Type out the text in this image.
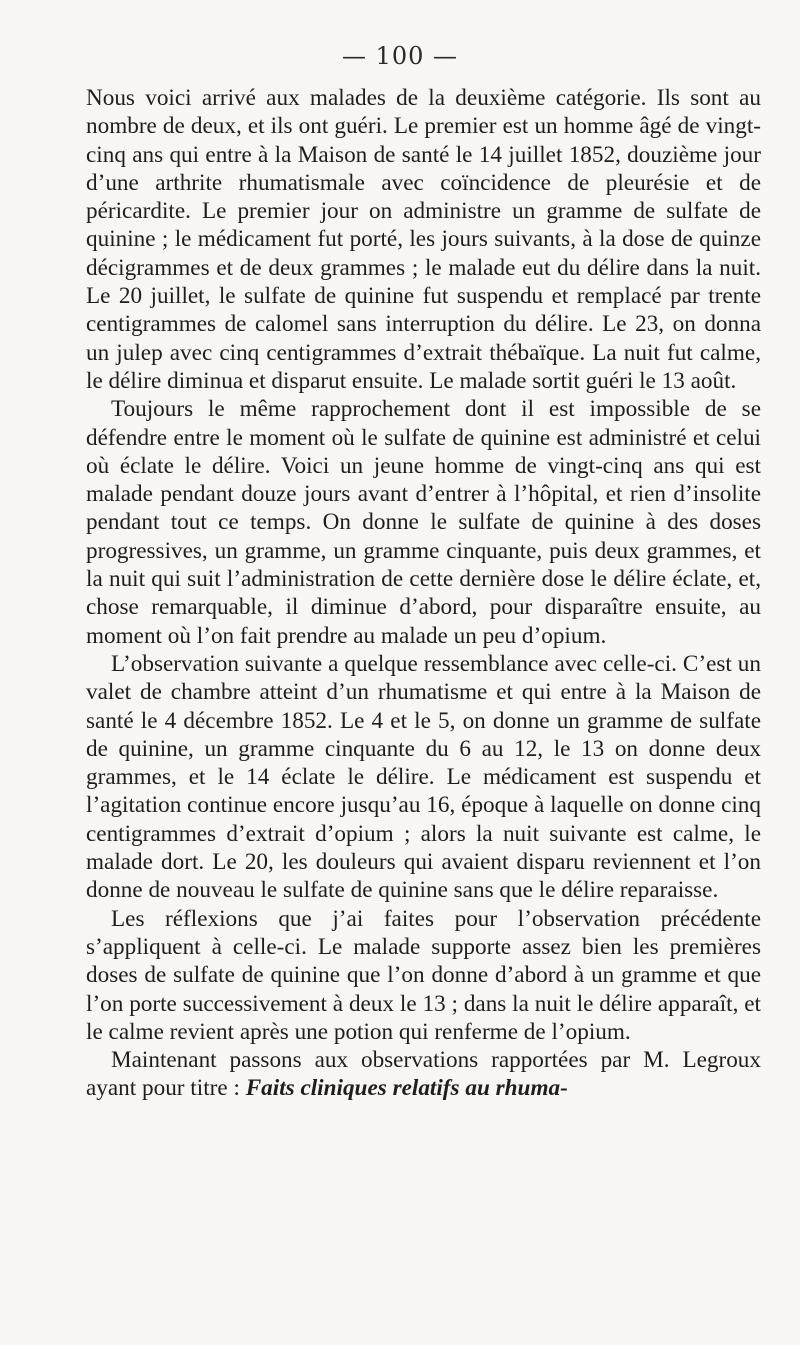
— 100 —

Nous voici arrivé aux malades de la deuxième catégorie. Ils sont au nombre de deux, et ils ont guéri. Le premier est un homme âgé de vingt-cinq ans qui entre à la Maison de santé le 14 juillet 1852, douzième jour d’une arthrite rhumatismale avec coïncidence de pleurésie et de péricardite. Le premier jour on administre un gramme de sulfate de quinine ; le médicament fut porté, les jours suivants, à la dose de quinze décigrammes et de deux grammes ; le malade eut du délire dans la nuit. Le 20 juillet, le sulfate de quinine fut suspendu et remplacé par trente centigrammes de calomel sans interruption du délire. Le 23, on donna un julep avec cinq centigrammes d’extrait thébaïque. La nuit fut calme, le délire diminua et disparut ensuite. Le malade sortit guéri le 13 août.

Toujours le même rapprochement dont il est impossible de se défendre entre le moment où le sulfate de quinine est administré et celui où éclate le délire. Voici un jeune homme de vingt-cinq ans qui est malade pendant douze jours avant d’entrer à l’hôpital, et rien d’insolite pendant tout ce temps. On donne le sulfate de quinine à des doses progressives, un gramme, un gramme cinquante, puis deux grammes, et la nuit qui suit l’administration de cette dernière dose le délire éclate, et, chose remarquable, il diminue d’abord, pour disparaître ensuite, au moment où l’on fait prendre au malade un peu d’opium.

L’observation suivante a quelque ressemblance avec celle-ci. C’est un valet de chambre atteint d’un rhumatisme et qui entre à la Maison de santé le 4 décembre 1852. Le 4 et le 5, on donne un gramme de sulfate de quinine, un gramme cinquante du 6 au 12, le 13 on donne deux grammes, et le 14 éclate le délire. Le médicament est suspendu et l’agitation continue encore jusqu’au 16, époque à laquelle on donne cinq centigrammes d’extrait d’opium ; alors la nuit suivante est calme, le malade dort. Le 20, les douleurs qui avaient disparu reviennent et l’on donne de nouveau le sulfate de quinine sans que le délire reparaisse.

Les réflexions que j’ai faites pour l’observation précédente s’appliquent à celle-ci. Le malade supporte assez bien les premières doses de sulfate de quinine que l’on donne d’abord à un gramme et que l’on porte successivement à deux le 13 ; dans la nuit le délire apparaît, et le calme revient après une potion qui renferme de l’opium.

Maintenant passons aux observations rapportées par M. Legroux ayant pour titre : Faits cliniques relatifs au rhuma-
